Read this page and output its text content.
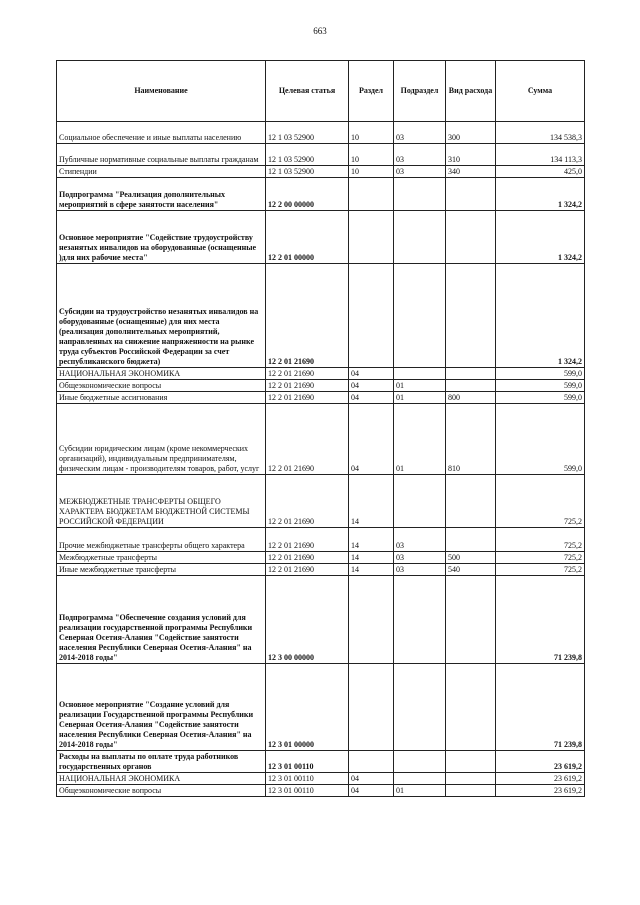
663
Наименование	Целевая статья	Раздел	Подраздел	Вид расхода	Сумма
Социальное обеспечение и иные выплаты населению	12 1 03 52900	10	03	300	134 538,3
Публичные нормативные социальные выплаты гражданам	12 1 03 52900	10	03	310	134 113,3
Стипендии	12 1 03 52900	10	03	340	425,0
Подпрограмма "Реализация дополнительных мероприятий в сфере занятости населения"	12 2 00 00000				1 324,2
Основное мероприятие "Содействие трудоустройству незанятых инвалидов на оборудованные (оснащенные )для них рабочие места"	12 2 01 00000				1 324,2
Субсидии на трудоустройство незанятых инвалидов на оборудованные (оснащенные) для них места (реализация дополнительных мероприятий, направленных на снижение напряженности на рынке труда субъектов Российской Федерации за счет республиканского бюджета)	12 2 01 21690				1 324,2
НАЦИОНАЛЬНАЯ ЭКОНОМИКА	12 2 01 21690	04			599,0
Общеэкономические вопросы	12 2 01 21690	04	01		599,0
Иные бюджетные ассигнования	12 2 01 21690	04	01	800	599,0
Субсидии юридическим лицам (кроме некоммерческих организаций), индивидуальным предпринимателям, физическим лицам - производителям товаров, работ, услуг	12 2 01 21690	04	01	810	599,0
МЕЖБЮДЖЕТНЫЕ ТРАНСФЕРТЫ ОБЩЕГО ХАРАКТЕРА БЮДЖЕТАМ БЮДЖЕТНОЙ СИСТЕМЫ РОССИЙСКОЙ ФЕДЕРАЦИИ	12 2 01 21690	14			725,2
Прочие межбюджетные трансферты общего характера	12 2 01 21690	14	03		725,2
Межбюджетные трансферты	12 2 01 21690	14	03	500	725,2
Иные межбюджетные трансферты	12 2 01 21690	14	03	540	725,2
Подпрограмма "Обеспечение создания условий для реализации государственной программы Республики Северная Осетия-Алания "Содействие занятости населения Республики Северная Осетия-Алания" на 2014-2018 годы"	12 3 00 00000				71 239,8
Основное мероприятие "Создание условий для реализации Государственной программы Республики Северная Осетия-Алания "Содействие занятости населения Республики Северная Осетия-Алания" на 2014-2018 годы"	12 3 01 00000				71 239,8
Расходы на выплаты по оплате труда работников государственных органов	12 3 01 00110				23 619,2
НАЦИОНАЛЬНАЯ ЭКОНОМИКА	12 3 01 00110	04			23 619,2
Общеэкономические вопросы	12 3 01 00110	04	01		23 619,2
